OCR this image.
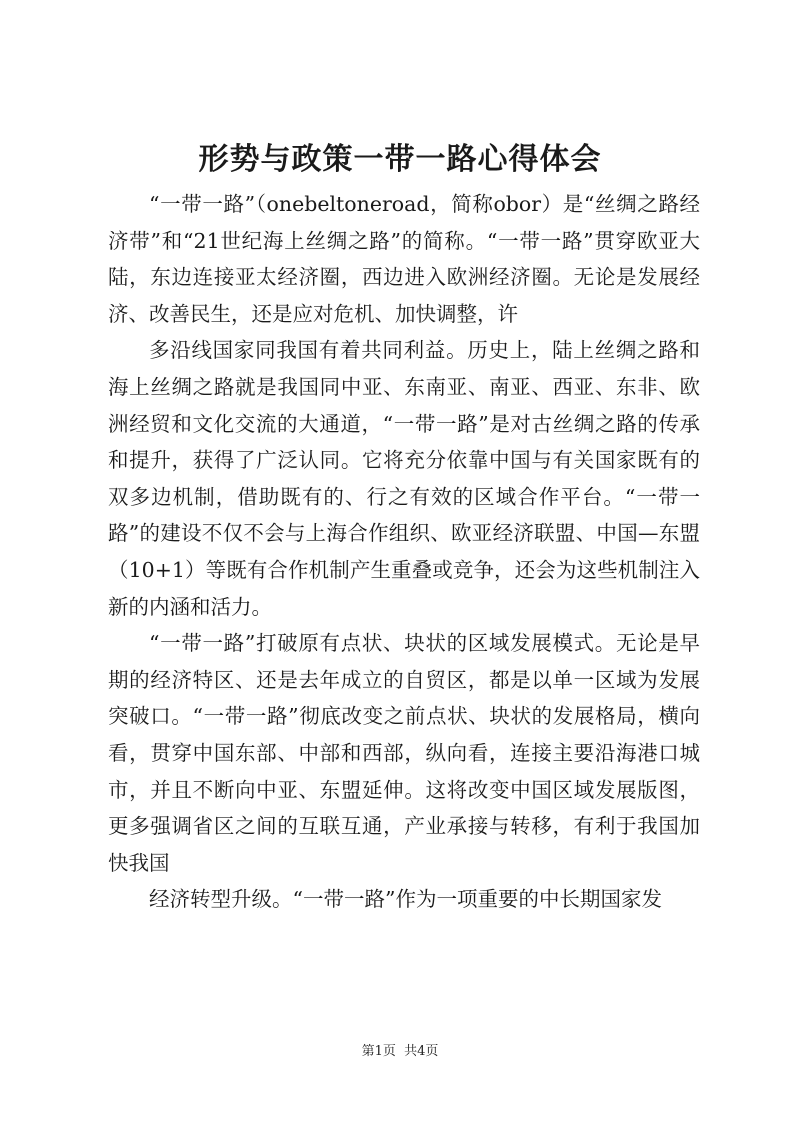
形势与政策一带一路心得体会

“一带一路”（onebeltoneroad，简称obor）是“丝绸之路经济带”和“21世纪海上丝绸之路”的简称。“一带一路”贯穿欧亚大陆，东边连接亚太经济圈，西边进入欧洲经济圈。无论是发展经济、改善民生，还是应对危机、加快调整，许

多沿线国家同我国有着共同利益。历史上，陆上丝绸之路和海上丝绸之路就是我国同中亚、东南亚、南亚、西亚、东非、欧洲经贸和文化交流的大通道，“一带一路”是对古丝绸之路的传承和提升，获得了广泛认同。它将充分依靠中国与有关国家既有的双多边机制，借助既有的、行之有效的区域合作平台。“一带一路”的建设不仅不会与上海合作组织、欧亚经济联盟、中国—东盟（10+1）等既有合作机制产生重叠或竞争，还会为这些机制注入新的内涵和活力。

“一带一路”打破原有点状、块状的区域发展模式。无论是早期的经济特区、还是去年成立的自贸区，都是以单一区域为发展突破口。“一带一路”彻底改变之前点状、块状的发展格局，横向看，贯穿中国东部、中部和西部，纵向看，连接主要沿海港口城市，并且不断向中亚、东盟延伸。这将改变中国区域发展版图，更多强调省区之间的互联互通，产业承接与转移，有利于我国加快我国

经济转型升级。“一带一路”作为一项重要的中长期国家发

第1页 共4页
